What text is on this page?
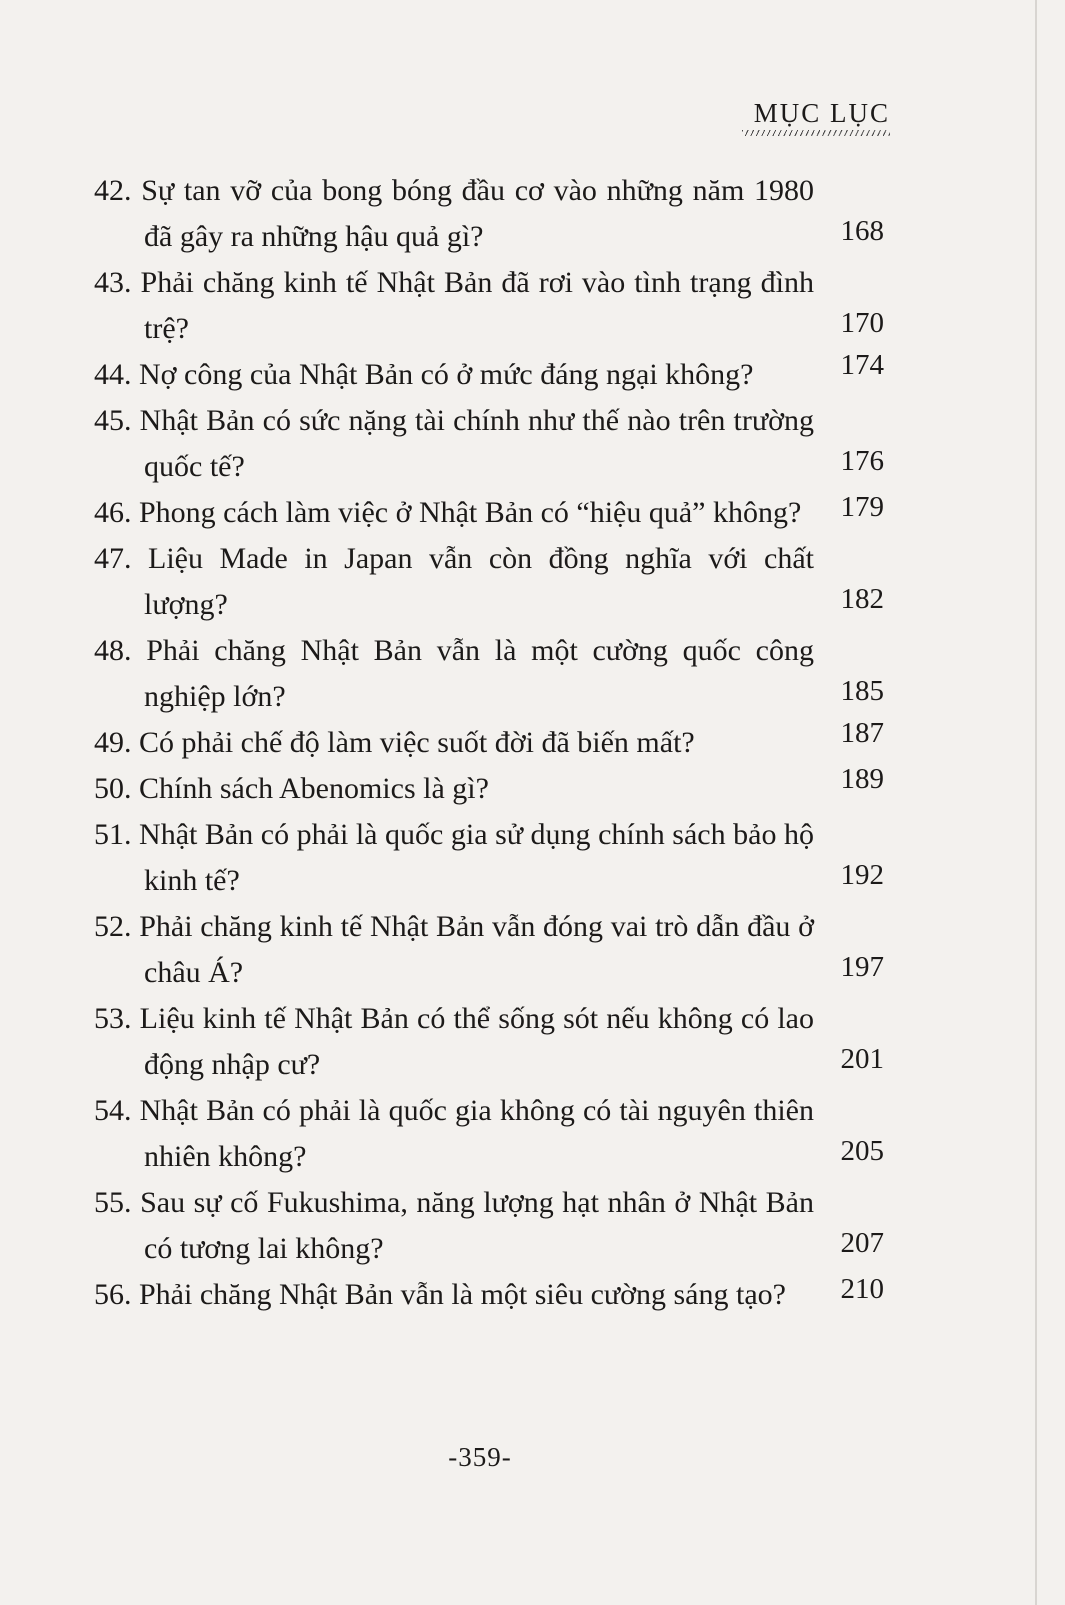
MỤC LỤC
42. Sự tan vỡ của bong bóng đầu cơ vào những năm 1980 đã gây ra những hậu quả gì?	168
43. Phải chăng kinh tế Nhật Bản đã rơi vào tình trạng đình trệ?	170
44. Nợ công của Nhật Bản có ở mức đáng ngại không?	174
45. Nhật Bản có sức nặng tài chính như thế nào trên trường quốc tế?	176
46. Phong cách làm việc ở Nhật Bản có “hiệu quả” không? 179
47. Liệu Made in Japan vẫn còn đồng nghĩa với chất lượng?	182
48. Phải chăng Nhật Bản vẫn là một cường quốc công nghiệp lớn?	185
49. Có phải chế độ làm việc suốt đời đã biến mất?	187
50. Chính sách Abenomics là gì?	189
51. Nhật Bản có phải là quốc gia sử dụng chính sách bảo hộ kinh tế?	192
52. Phải chăng kinh tế Nhật Bản vẫn đóng vai trò dẫn đầu ở châu Á?	197
53. Liệu kinh tế Nhật Bản có thể sống sót nếu không có lao động nhập cư?	201
54. Nhật Bản có phải là quốc gia không có tài nguyên thiên nhiên không?	205
55. Sau sự cố Fukushima, năng lượng hạt nhân ở Nhật Bản có tương lai không?	207
56. Phải chăng Nhật Bản vẫn là một siêu cường sáng tạo? 210
-359-
